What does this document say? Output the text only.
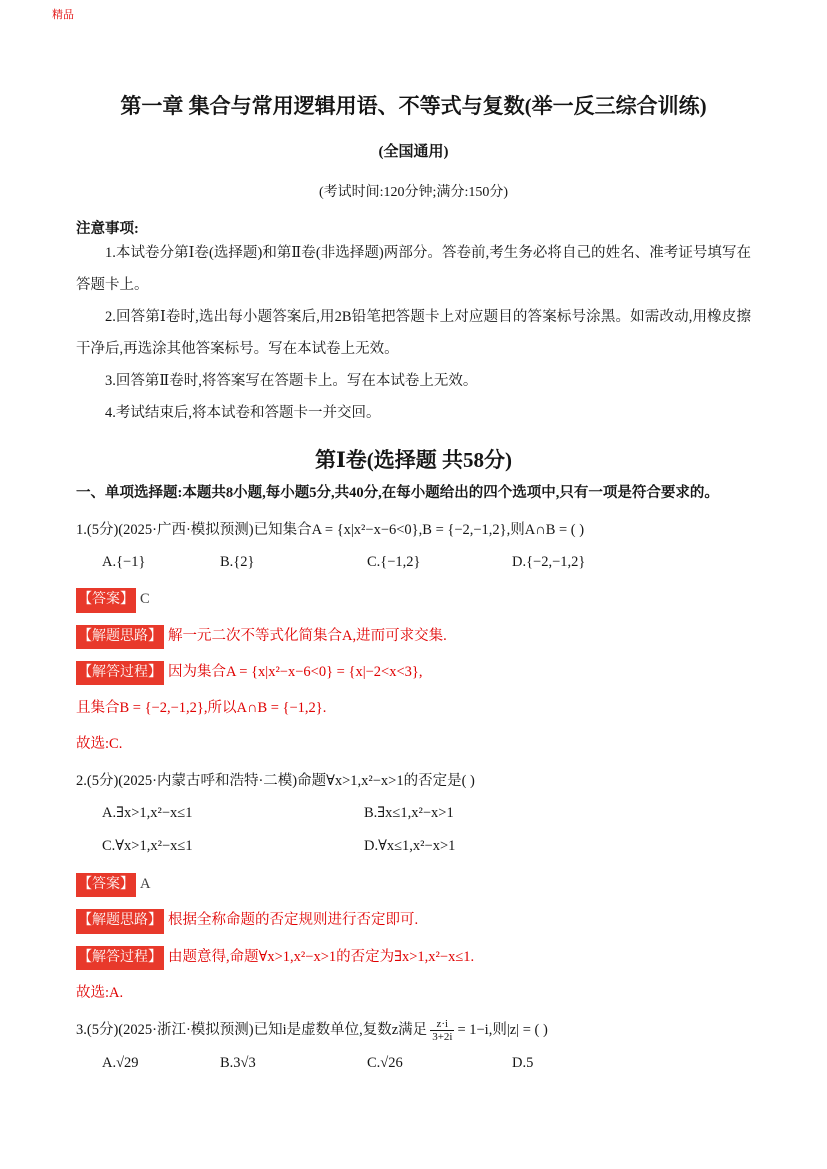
精品
第一章 集合与常用逻辑用语、不等式与复数(举一反三综合训练)
(全国通用)
(考试时间:120分钟;满分:150分)
注意事项:

1.本试卷分第Ⅰ卷(选择题)和第Ⅱ卷(非选择题)两部分。答卷前,考生务必将自己的姓名、准考证号填写在答题卡上。

2.回答第Ⅰ卷时,选出每小题答案后,用2B铅笔把答题卡上对应题目的答案标号涂黑。如需改动,用橡皮擦干净后,再选涂其他答案标号。写在本试卷上无效。

3.回答第Ⅱ卷时,将答案写在答题卡上。写在本试卷上无效。

4.考试结束后,将本试卷和答题卡一并交回。

第Ⅰ卷(选择题 共58分)

一、单项选择题:本题共8小题,每小题5分,共40分,在每小题给出的四个选项中,只有一项是符合要求的。

1.(5分)(2025·广西·模拟预测)已知集合A = {x|x²−x−6<0},B = {−2,−1,2},则A∩B = ( )

A.{−1}	B.{2}	C.{−1,2}	D.{−2,−1,2}

【答案】 C

【解题思路】 解一元二次不等式化简集合A,进而可求交集.

【解答过程】 因为集合A = {x|x²−x−6<0} = {x|−2<x<3},

且集合B = {−2,−1,2},所以A∩B = {−1,2}.

故选:C.

2.(5分)(2025·内蒙古呼和浩特·二模)命题∀x>1,x²−x>1的否定是( )

A.∃x>1,x²−x≤1	B.∃x≤1,x²−x>1
C.∀x>1,x²−x≤1	D.∀x≤1,x²−x>1

【答案】 A

【解题思路】 根据全称命题的否定规则进行否定即可.

【解答过程】 由题意得,命题∀x>1,x²−x>1的否定为∃x>1,x²−x≤1.

故选:A.

3.(5分)(2025·浙江·模拟预测)已知i是虚数单位,复数z满足 $\frac{z\cdot i}{3+2i} = 1-i$,则|z| = ( )

A.√29	B.3√3	C.√26	D.5
